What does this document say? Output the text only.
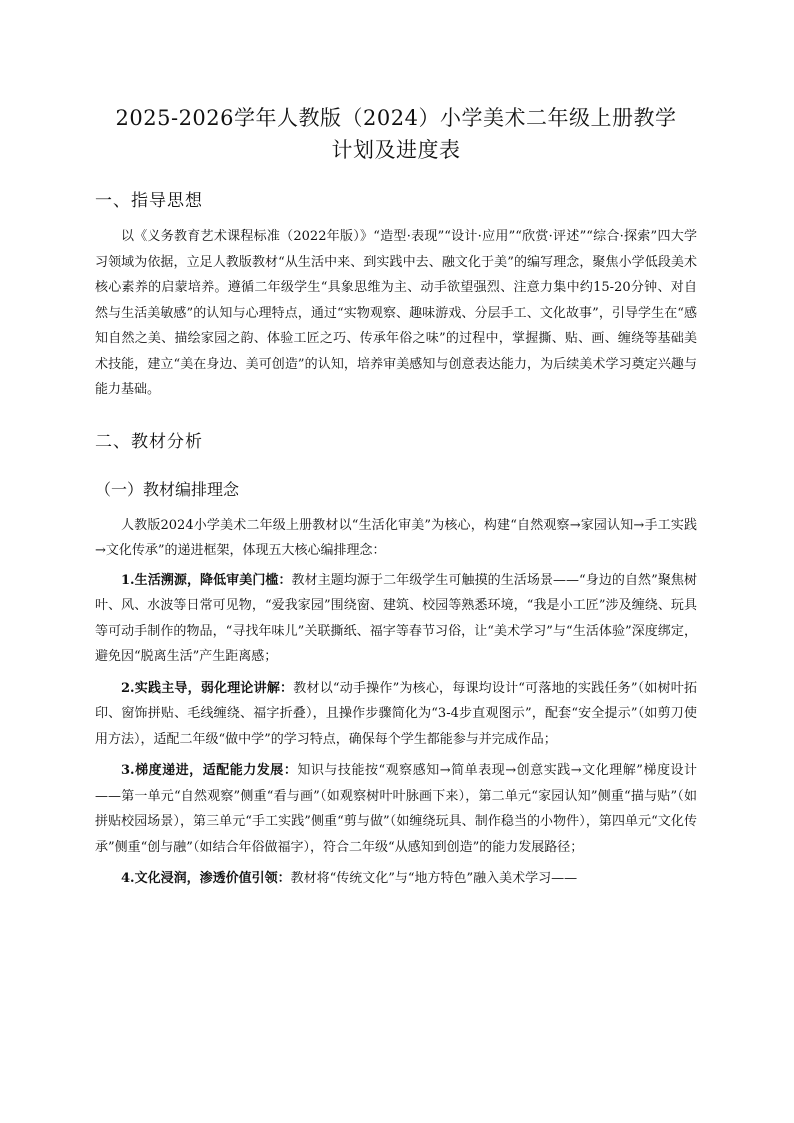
2025-2026学年人教版（2024）小学美术二年级上册教学
计划及进度表
一、指导思想

以《义务教育艺术课程标准（2022年版）》“造型·表现”“设计·应用”“欣赏·评述”“综合·探索”四大学习领域为依据，立足人教版教材“从生活中来、到实践中去、融文化于美”的编写理念，聚焦小学低段美术核心素养的启蒙培养。遵循二年级学生“具象思维为主、动手欲望强烈、注意力集中约15-20分钟、对自然与生活美敏感”的认知与心理特点，通过“实物观察、趣味游戏、分层手工、文化故事”，引导学生在“感知自然之美、描绘家园之韵、体验工匠之巧、传承年俗之味”的过程中，掌握撕、贴、画、缠绕等基础美术技能，建立“美在身边、美可创造”的认知，培养审美感知与创意表达能力，为后续美术学习奠定兴趣与能力基础。

二、教材分析
（一）教材编排理念

人教版2024小学美术二年级上册教材以“生活化审美”为核心，构建“自然观察→家园认知→手工实践→文化传承”的递进框架，体现五大核心编排理念：

1.生活溯源，降低审美门槛：教材主题均源于二年级学生可触摸的生活场景——“身边的自然”聚焦树叶、风、水波等日常可见物，“爱我家园”围绕窗、建筑、校园等熟悉环境，“我是小工匠”涉及缠绕、玩具等可动手制作的物品，“寻找年味儿”关联撕纸、福字等春节习俗，让“美术学习”与“生活体验”深度绑定，避免因“脱离生活”产生距离感；

2.实践主导，弱化理论讲解：教材以“动手操作”为核心，每课均设计“可落地的实践任务”（如树叶拓印、窗饰拼贴、毛线缠绕、福字折叠），且操作步骤简化为“3-4步直观图示”，配套“安全提示”（如剪刀使用方法），适配二年级“做中学”的学习特点，确保每个学生都能参与并完成作品；

3.梯度递进，适配能力发展：知识与技能按“观察感知→简单表现→创意实践→文化理解”梯度设计——第一单元“自然观察”侧重“看与画”（如观察树叶叶脉画下来），第二单元“家园认知”侧重“描与贴”（如拼贴校园场景），第三单元“手工实践”侧重“剪与做”（如缠绕玩具、制作稳当的小物件），第四单元“文化传承”侧重“创与融”（如结合年俗做福字），符合二年级“从感知到创造”的能力发展路径；

4.文化浸润，渗透价值引领：教材将“传统文化”与“地方特色”融入美术学习——
